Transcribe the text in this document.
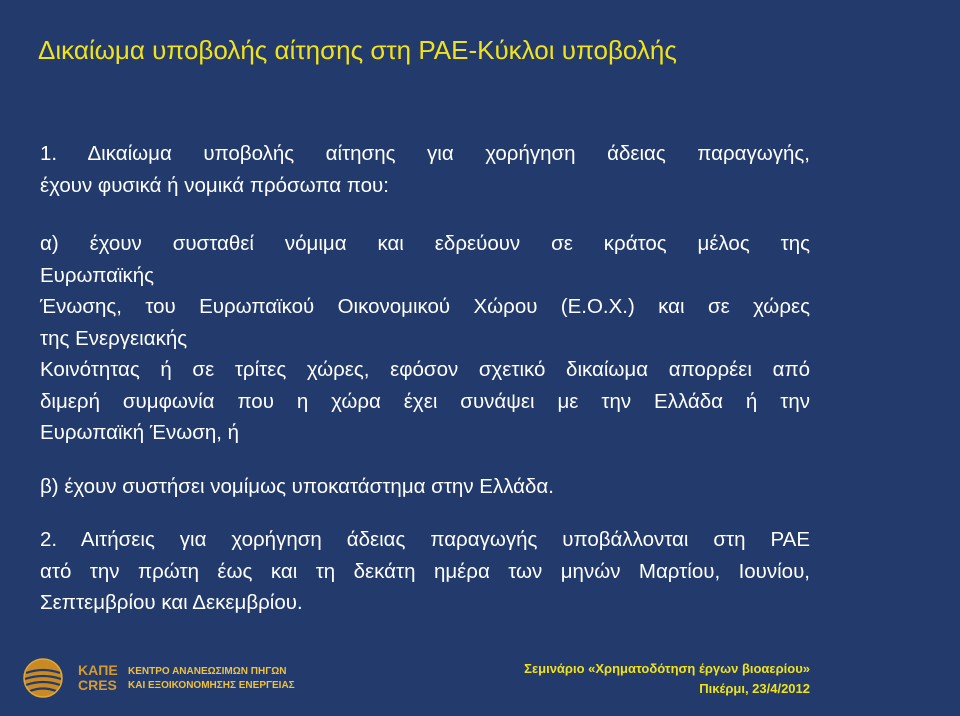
Δικαίωμα υποβολής αίτησης στη ΡΑΕ-Κύκλοι υποβολής
1. Δικαίωμα υποβολής αίτησης για χορήγηση άδειας παραγωγής,
έχουν φυσικά ή νομικά πρόσωπα που:
α) έχουν συσταθεί νόμιμα και εδρεύουν σε κράτος μέλος της
Ευρωπαϊκής
Ένωσης, του Ευρωπαϊκού Οικονομικού Χώρου (Ε.Ο.Χ.) και σε χώρες
της Ενεργειακής
Κοινότητας ή σε τρίτες χώρες, εφόσον σχετικό δικαίωμα απορρέει από
διμερή συμφωνία που η χώρα έχει συνάψει με την Ελλάδα ή την
Ευρωπαϊκή Ένωση, ή
β) έχουν συστήσει νομίμως υποκατάστημα στην Ελλάδα.
2. Αιτήσεις για χορήγηση άδειας παραγωγής υποβάλλονται στη ΡΑΕ
ατό την πρώτη έως και τη δεκάτη ημέρα των μηνών Μαρτίου, Ιουνίου,
Σεπτεμβρίου και Δεκεμβρίου.
ΚΑΠΕ
CRES
ΚΕΝΤΡΟ ΑΝΑΝΕΩΣΙΜΩΝ ΠΗΓΩΝ
ΚΑΙ ΕΞΟΙΚΟΝΟΜΗΣΗΣ ΕΝΕΡΓΕΙΑΣ
Σεμινάριο «Χρηματοδότηση έργων βιοαερίου»
Πικέρμι, 23/4/2012
